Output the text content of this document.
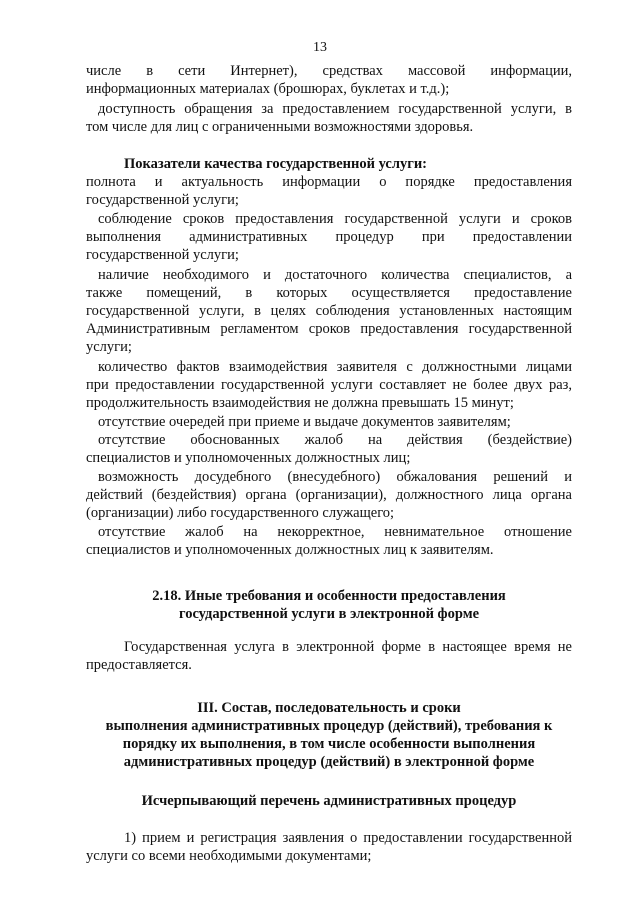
13
числе в сети Интернет), средствах массовой информации,
информационных материалах (брошюрах, буклетах и т.д.);
доступность обращения за предоставлением государственной услуги, в
том числе для лиц с ограниченными возможностями здоровья.
Показатели качества государственной услуги:
полнота и актуальность информации о порядке предоставления
государственной услуги;
соблюдение сроков предоставления государственной услуги и сроков
выполнения административных процедур при предоставлении
государственной услуги;
наличие необходимого и достаточного количества специалистов, а
также помещений, в которых осуществляется предоставление
государственной услуги, в целях соблюдения установленных настоящим
Административным регламентом сроков предоставления государственной
услуги;
количество фактов взаимодействия заявителя с должностными лицами
при предоставлении государственной услуги составляет не более двух раз,
продолжительность взаимодействия не должна превышать 15 минут;
отсутствие очередей при приеме и выдаче документов заявителям;
отсутствие обоснованных жалоб на действия (бездействие)
специалистов и уполномоченных должностных лиц;
возможность досудебного (внесудебного) обжалования решений и
действий (бездействия) органа (организации), должностного лица органа
(организации) либо государственного служащего;
отсутствие жалоб на некорректное, невнимательное отношение
специалистов и уполномоченных должностных лиц к заявителям.
2.18. Иные требования и особенности предоставления
государственной услуги в электронной форме
Государственная услуга в электронной форме в настоящее время не
предоставляется.
III. Состав, последовательность и сроки
выполнения административных процедур (действий), требования к
порядку их выполнения, в том числе особенности выполнения
административных процедур (действий) в электронной форме
Исчерпывающий перечень административных процедур
1) прием и регистрация заявления о предоставлении государственной
услуги со всеми необходимыми документами;
